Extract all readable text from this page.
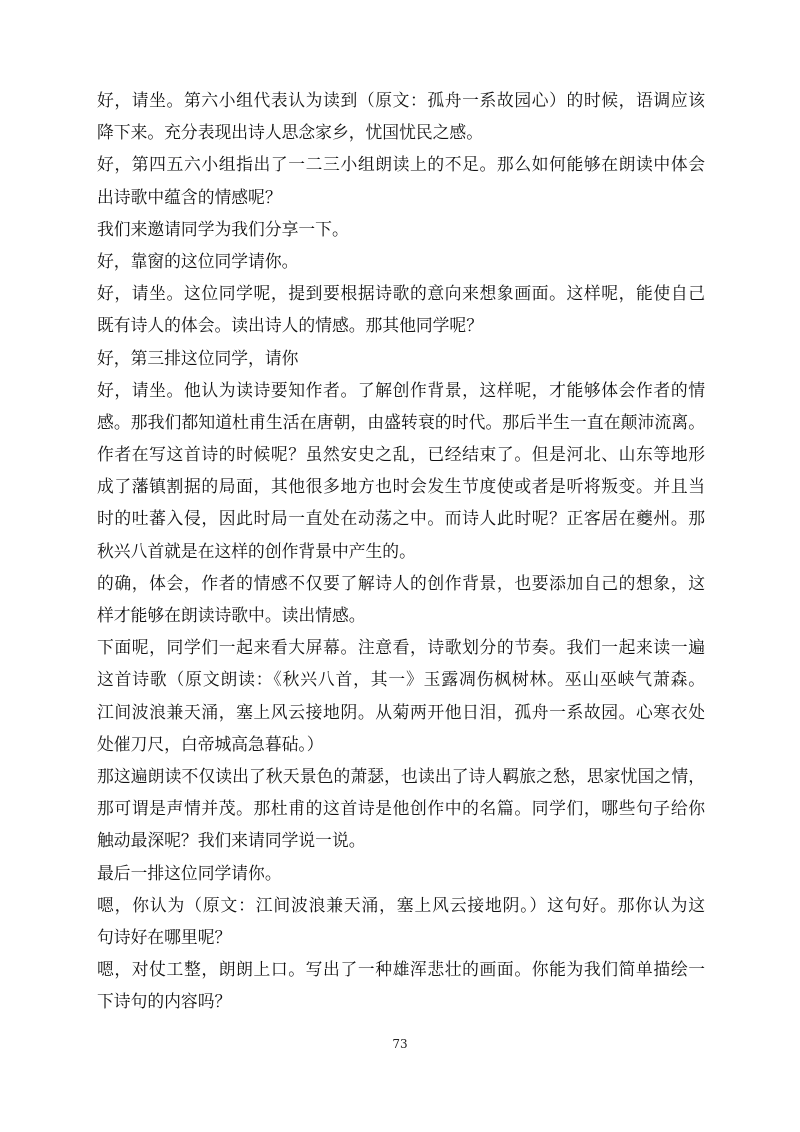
好，请坐。第六小组代表认为读到（原文：孤舟一系故园心）的时候，语调应该
降下来。充分表现出诗人思念家乡，忧国忧民之感。
好，第四五六小组指出了一二三小组朗读上的不足。那么如何能够在朗读中体会
出诗歌中蕴含的情感呢？
我们来邀请同学为我们分享一下。
好，靠窗的这位同学请你。
好，请坐。这位同学呢，提到要根据诗歌的意向来想象画面。这样呢，能使自己
既有诗人的体会。读出诗人的情感。那其他同学呢？
好，第三排这位同学，请你
好，请坐。他认为读诗要知作者。了解创作背景，这样呢，才能够体会作者的情
感。那我们都知道杜甫生活在唐朝，由盛转衰的时代。那后半生一直在颠沛流离。
作者在写这首诗的时候呢？虽然安史之乱，已经结束了。但是河北、山东等地形
成了藩镇割据的局面，其他很多地方也时会发生节度使或者是听将叛变。并且当
时的吐蕃入侵，因此时局一直处在动荡之中。而诗人此时呢？正客居在夔州。那
秋兴八首就是在这样的创作背景中产生的。
的确，体会，作者的情感不仅要了解诗人的创作背景，也要添加自己的想象，这
样才能够在朗读诗歌中。读出情感。
下面呢，同学们一起来看大屏幕。注意看，诗歌划分的节奏。我们一起来读一遍
这首诗歌（原文朗读：《秋兴八首，其一》玉露凋伤枫树林。巫山巫峡气萧森。
江间波浪兼天涌，塞上风云接地阴。从菊两开他日泪，孤舟一系故园。心寒衣处
处催刀尺，白帝城高急暮砧。）
那这遍朗读不仅读出了秋天景色的萧瑟，也读出了诗人羁旅之愁，思家忧国之情，
那可谓是声情并茂。那杜甫的这首诗是他创作中的名篇。同学们，哪些句子给你
触动最深呢？我们来请同学说一说。
最后一排这位同学请你。
嗯，你认为（原文：江间波浪兼天涌，塞上风云接地阴。）这句好。那你认为这
句诗好在哪里呢？
嗯，对仗工整，朗朗上口。写出了一种雄浑悲壮的画面。你能为我们简单描绘一
下诗句的内容吗？
73
